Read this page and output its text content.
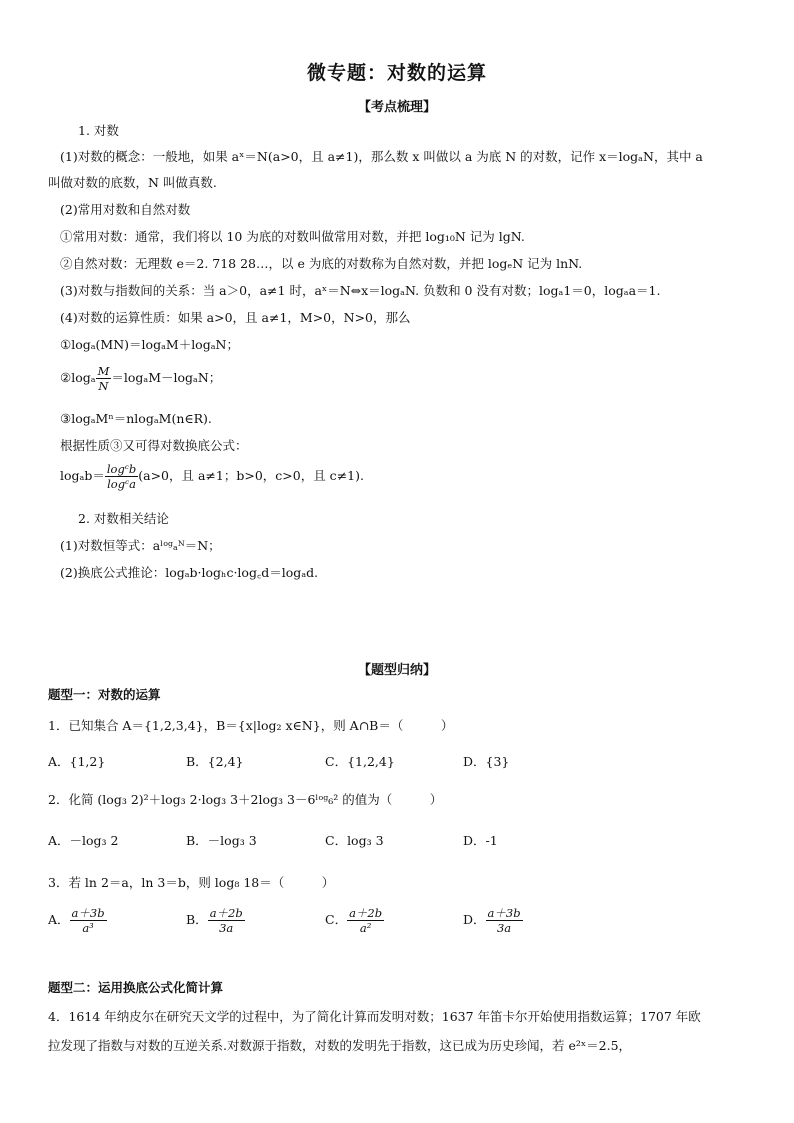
微专题：对数的运算
【考点梳理】
1. 对数
(1)对数的概念：一般地，如果 aˣ＝N(a>0，且 a≠1)，那么数 x 叫做以 a 为底 N 的对数，记作 x＝logₐN，其中 a
叫做对数的底数，N 叫做真数.
(2)常用对数和自然对数
①常用对数：通常，我们将以 10 为底的对数叫做常用对数，并把 log₁₀N 记为 lgN.
②自然对数：无理数 e＝2. 718 28…，以 e 为底的对数称为自然对数，并把 logₑN 记为 lnN.
(3)对数与指数间的关系：当 a＞0，a≠1 时，aˣ＝N⇔x＝logₐN. 负数和 0 没有对数；logₐ1＝0，logₐa＝1.
(4)对数的运算性质：如果 a>0，且 a≠1，M>0，N>0，那么
①logₐ(MN)＝logₐM＋logₐN；
②logₐ $\frac{M}{N} =\log_aM-\log_aN$；
③logₐMⁿ＝nlogₐM(n∈R).
根据性质③又可得对数换底公式：
$\log_ab= \frac{\text{logᶜb}}{\text{logᶜa}} (a>0$，且 a≠1；b>0，c>0，且 c≠1).
2. 对数相关结论
(1)对数恒等式：aˡᵒᵍₐᴺ＝N；
(2)换底公式推论：logₐb·logₕc·log꜀d＝logₐd.
【题型归纳】
题型一：对数的运算
1．已知集合 A＝{1,2,3,4}，B＝{x|log₂ x∈N}，则 A∩B＝（　　　）
A．{1,2}	B．{2,4}	C．{1,2,4}	D．{3}
2．化简 (log₃ 2)²＋log₃ 2·log₃ 3＋2log₃ 3－6ˡᵒᵍ₆² 的值为（　　　）
A．－log₃ 2	B．－log₃ 3	C．log₃ 3	D．-1
3．若 ln 2＝a，ln 3＝b，则 log₈ 18＝（　　　）
A． $\frac{a+3b}{\text{a³}}$	B． $\frac{a+2b}{3a}$	C． $\frac{a+2b}{\text{a²}}$	D． $\frac{a+3b}{3a}$
题型二：运用换底公式化简计算
4．1614 年纳皮尔在研究天文学的过程中，为了简化计算而发明对数；1637 年笛卡尔开始使用指数运算；1707 年欧
拉发现了指数与对数的互逆关系.对数源于指数，对数的发明先于指数，这已成为历史珍闻，若 e²ˣ＝2.5，
